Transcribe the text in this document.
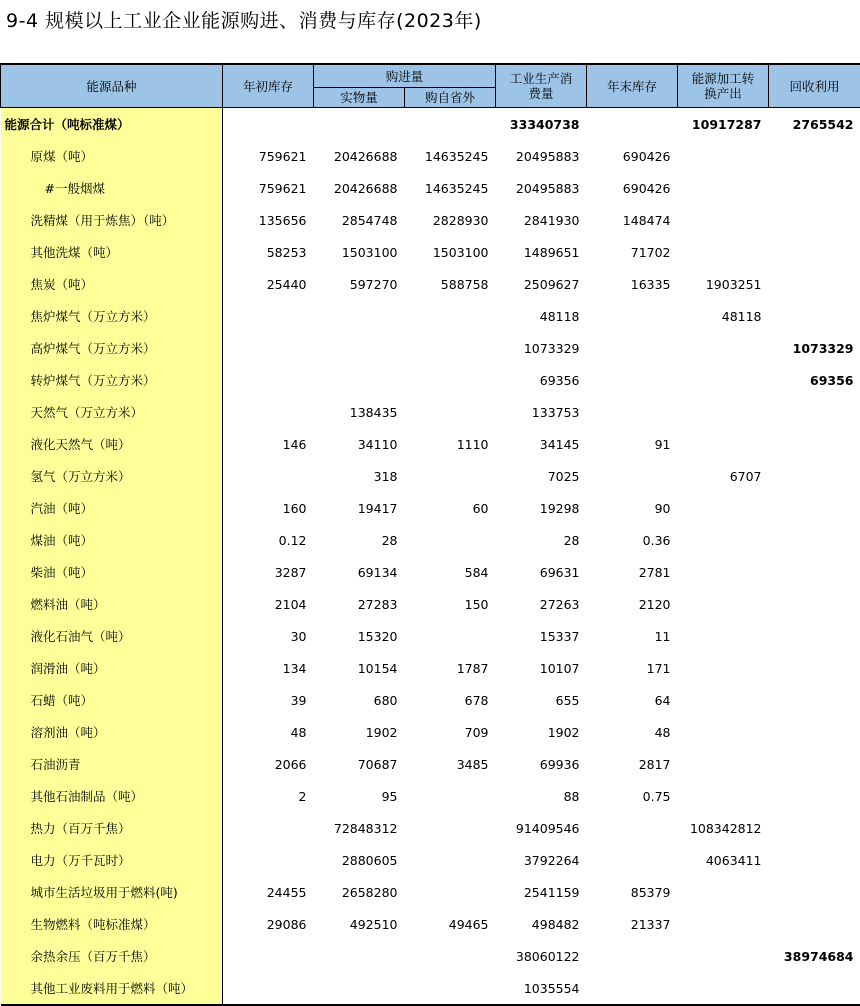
9-4 规模以上工业企业能源购进、消费与库存(2023年)
能源品种	年初库存	购进量		工业生产消费量	年末库存	能源加工转换产出	回收利用
		实物量	购自省外				
能源合计（吨标准煤）				33340738		10917287	2765542
原煤（吨）	759621	20426688	14635245	20495883	690426		
#一般烟煤	759621	20426688	14635245	20495883	690426		
洗精煤（用于炼焦）（吨）	135656	2854748	2828930	2841930	148474		
其他洗煤（吨）	58253	1503100	1503100	1489651	71702		
焦炭（吨）	25440	597270	588758	2509627	16335	1903251	
焦炉煤气（万立方米）				48118		48118	
高炉煤气（万立方米）				1073329			1073329
转炉煤气（万立方米）				69356			69356
天然气（万立方米）		138435		133753			
液化天然气（吨）	146	34110	1110	34145	91		
氢气（万立方米）		318		7025		6707	
汽油（吨）	160	19417	60	19298	90		
煤油（吨）	0.12	28		28	0.36		
柴油（吨）	3287	69134	584	69631	2781		
燃料油（吨）	2104	27283	150	27263	2120		
液化石油气（吨）	30	15320		15337	11		
润滑油（吨）	134	10154	1787	10107	171		
石蜡（吨）	39	680	678	655	64		
溶剂油（吨）	48	1902	709	1902	48		
石油沥青	2066	70687	3485	69936	2817		
其他石油制品（吨）	2	95		88	0.75		
热力（百万千焦）		72848312		91409546		108342812	
电力（万千瓦时）		2880605		3792264		4063411	
城市生活垃圾用于燃料(吨)	24455	2658280		2541159	85379		
生物燃料（吨标准煤）	29086	492510	49465	498482	21337		
余热余压（百万千焦）				38060122			38974684
其他工业废料用于燃料（吨）				1035554			
